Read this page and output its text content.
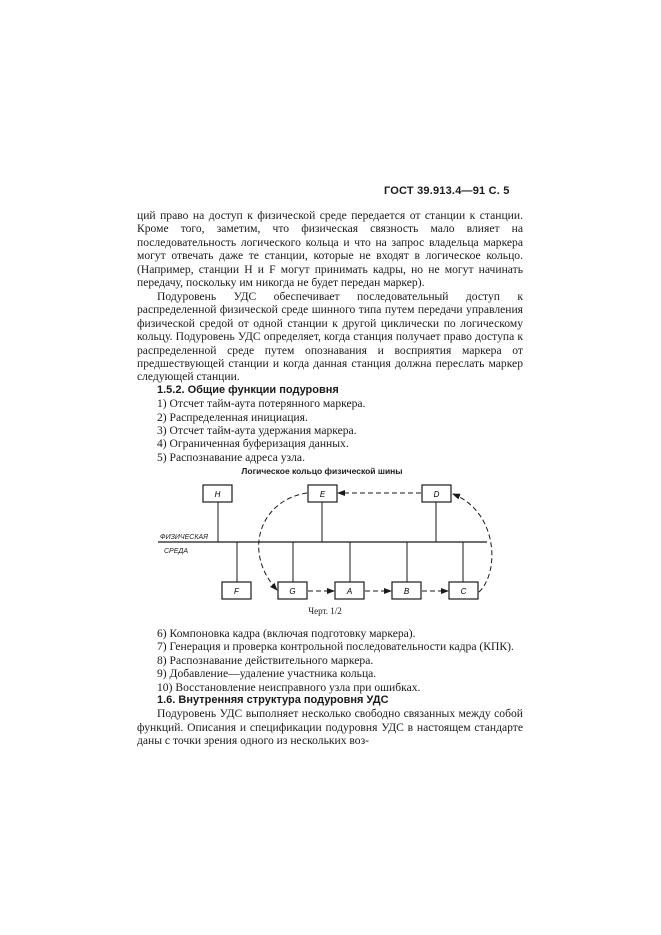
ГОСТ 39.913.4—91 С. 5

ций право на доступ к физической среде передается от станции к станции. Кроме того, заметим, что физическая связность мало влияет на последовательность логического кольца и что на запрос владельца маркера могут отвечать даже те станции, которые не входят в логическое кольцо. (Например, станции H и F могут принимать кадры, но не могут начинать передачу, поскольку им никогда не будет передан маркер).

Подуровень УДС обеспечивает последовательный доступ к распределенной физической среде шинного типа путем передачи управления физической средой от одной станции к другой циклически по логическому кольцу. Подуровень УДС определяет, когда станция получает право доступа к распределенной среде путем опознавания и восприятия маркера от предшествующей станции и когда данная станция должна переслать маркер следующей станции.

1.5.2. Общие функции подуровня

1) Отсчет тайм-аута потерянного маркера.

2) Распределенная инициация.

3) Отсчет тайм-аута удержания маркера.

4) Ограниченная буферизация данных.

5) Распознавание адреса узла.

Логическое кольцо физической шины
ФИЗИЧЕСКАЯ
СРЕДА
H	E	D
F	G	A	B	C
Черт. 1/2

6) Компоновка кадра (включая подготовку маркера).

7) Генерация и проверка контрольной последовательности кадра (КПК).

8) Распознавание действительного маркера.

9) Добавление—удаление участника кольца.

10) Восстановление неисправного узла при ошибках.

1.6. Внутренняя структура подуровня УДС

Подуровень УДС выполняет несколько свободно связанных между собой функций. Описания и спецификации подуровня УДС в настоящем стандарте даны с точки зрения одного из нескольких воз-
